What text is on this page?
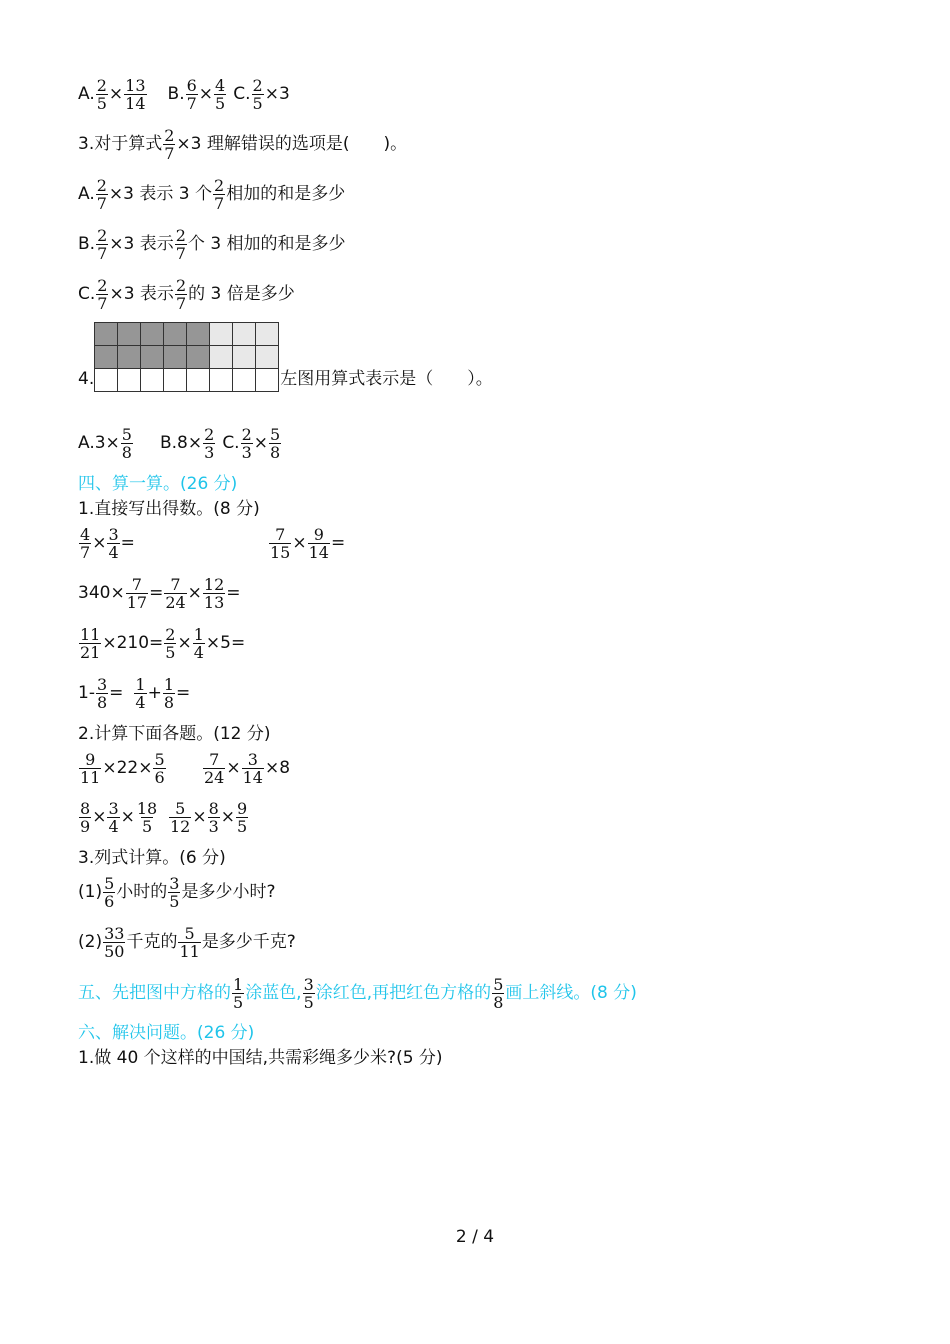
A. $\frac{2}{5} \times \frac{13}{14} B$. $\frac{6}{7} \times \frac{4}{5} C$. $\frac{2}{5} \times 3$
3.对于算式 $\frac{2}{7} \times 3$ 理解错误的选项是(　　)。
A. $\frac{2}{7} \times 3$ 表示 3 个 $\frac{2}{7}$ 相加的和是多少
B. $\frac{2}{7} \times 3$ 表示 $\frac{2}{7}$ 个 3 相加的和是多少
C. $\frac{2}{7} \times 3$ 表示 $\frac{2}{7}$ 的 3 倍是多少
4.	左图用算式表示是（　　）。
$A.3\times \frac{5}{8} B.8\times \frac{2}{3} C$. $\frac{2}{3} \times \frac{5}{8}$
四、算一算。(26 分)
1.直接写出得数。(8 分)
$\frac{4}{7} \times \frac{3}{4}$ =	$\frac{7}{15} \times \frac{9}{14}$ =
$340\times \frac{7}{17} = \frac{7}{24} \times \frac{12}{13}$ =
$\frac{11}{21} \times 210= \frac{2}{5} \times \frac{1}{4} \times 5=$
$1- \frac{3}{8} = \frac{1}{4} + \frac{1}{8}$ =
2.计算下面各题。(12 分)
$\frac{9}{11} \times 22\times \frac{5}{6} \frac{7}{24} \times \frac{3}{14} \times 8$
$\frac{8}{9} \times \frac{3}{4} \times \frac{18}{5} \frac{5}{12} \times \frac{8}{3} \times \frac{9}{5}$
3.列式计算。(6 分)
$(1) \frac{5}{6}$ 小时的 $\frac{3}{5}$ 是多少小时?
$(2) \frac{33}{50}$ 千克的 $\frac{5}{11}$ 是多少千克?
五、先把图中方格的 $\frac{1}{5}$ 涂蓝色, $\frac{3}{5}$ 涂红色,再把红色方格的 $\frac{5}{8}$ 画上斜线。(8 分)
六、解决问题。(26 分)
1.做 40 个这样的中国结,共需彩绳多少米?(5 分)
2 / 4
